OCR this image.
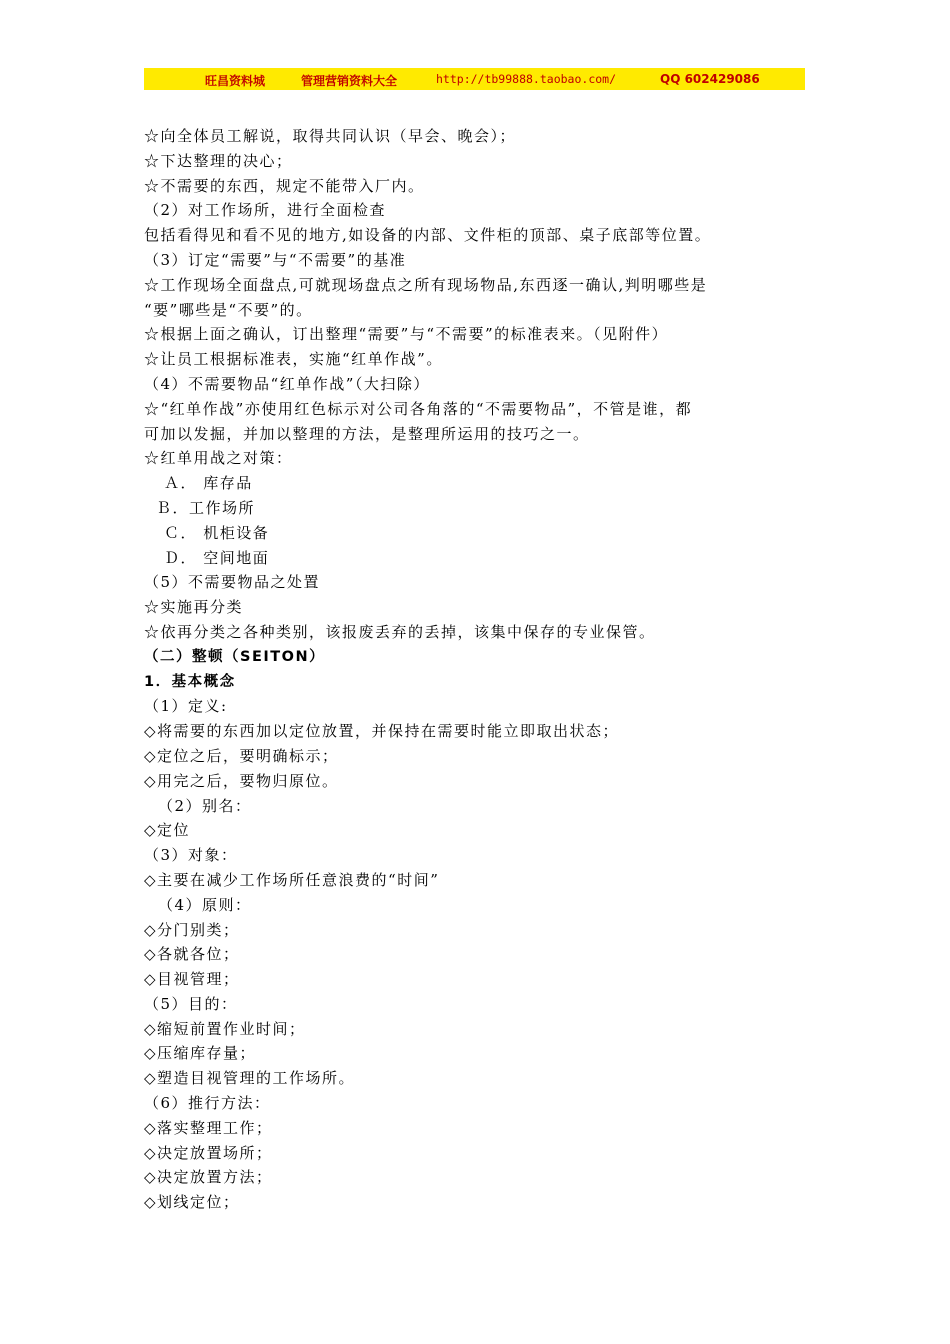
旺昌资料城	管理营销资料大全	http://tb99888.taobao.com/	QQ 602429086
☆向全体员工解说，取得共同认识（早会、晚会）；
☆下达整理的决心；
☆不需要的东西，规定不能带入厂内。
（2）对工作场所，进行全面检查
包括看得见和看不见的地方,如设备的内部、文件柜的顶部、桌子底部等位置。
（3）订定“需要”与“不需要”的基准
☆工作现场全面盘点,可就现场盘点之所有现场物品,东西逐一确认,判明哪些是
“要”哪些是“不要”的。
☆根据上面之确认，订出整理“需要”与“不需要”的标准表来。（见附件）
☆让员工根据标准表，实施“红单作战”。
（4）不需要物品“红单作战”（大扫除）
☆“红单作战”亦使用红色标示对公司各角落的“不需要物品”，不管是谁，都
可加以发掘，并加以整理的方法，是整理所运用的技巧之一。
☆红单用战之对策：
Ａ． 库存品
Ｂ．工作场所
Ｃ． 机柜设备
Ｄ． 空间地面
（5）不需要物品之处置
☆实施再分类
☆依再分类之各种类别，该报废丢弃的丢掉，该集中保存的专业保管。
（二）整顿（SEITON）
1．基本概念
（1）定义:
◇将需要的东西加以定位放置，并保持在需要时能立即取出状态；
◇定位之后，要明确标示；
◇用完之后，要物归原位。
（2）别名：
◇定位
（3）对象：
◇主要在减少工作场所任意浪费的“时间”
（4）原则：
◇分门别类；
◇各就各位；
◇目视管理；
（5）目的：
◇缩短前置作业时间；
◇压缩库存量；
◇塑造目视管理的工作场所。
（6）推行方法：
◇落实整理工作；
◇决定放置场所；
◇决定放置方法；
◇划线定位；
